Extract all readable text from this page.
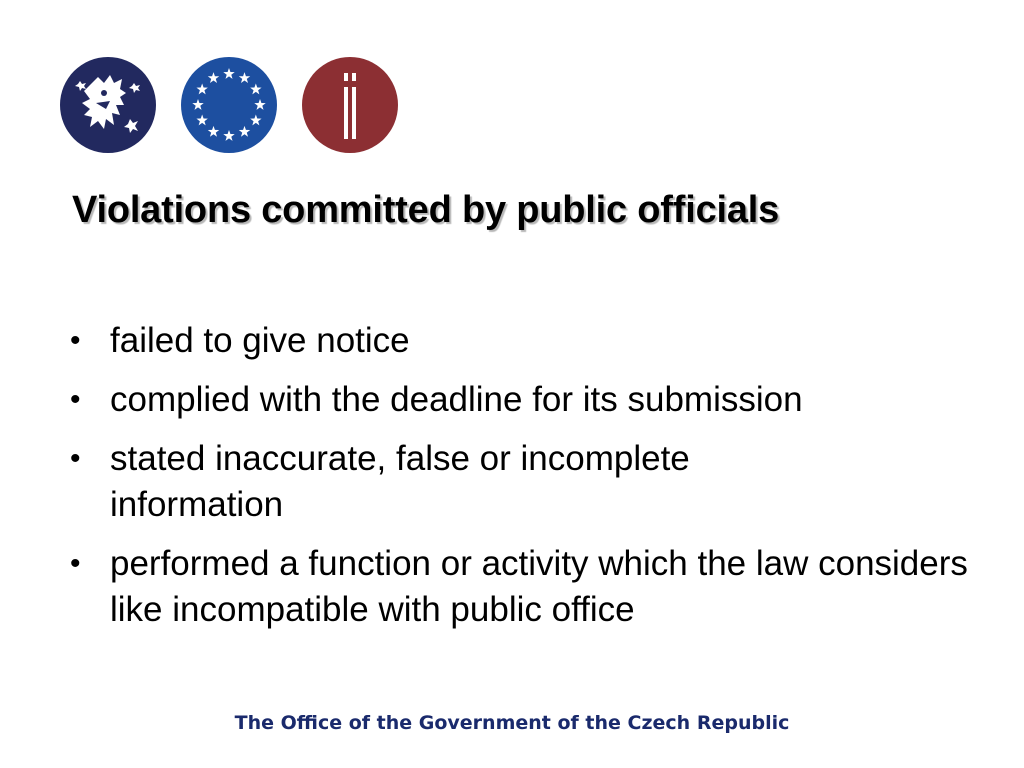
Violations committed by public officials
• failed to give notice
• complied with the deadline for its submission
• stated inaccurate, false or incomplete information
• performed a function or activity which the law considers like incompatible with public office
The Office of the Government of the Czech Republic
